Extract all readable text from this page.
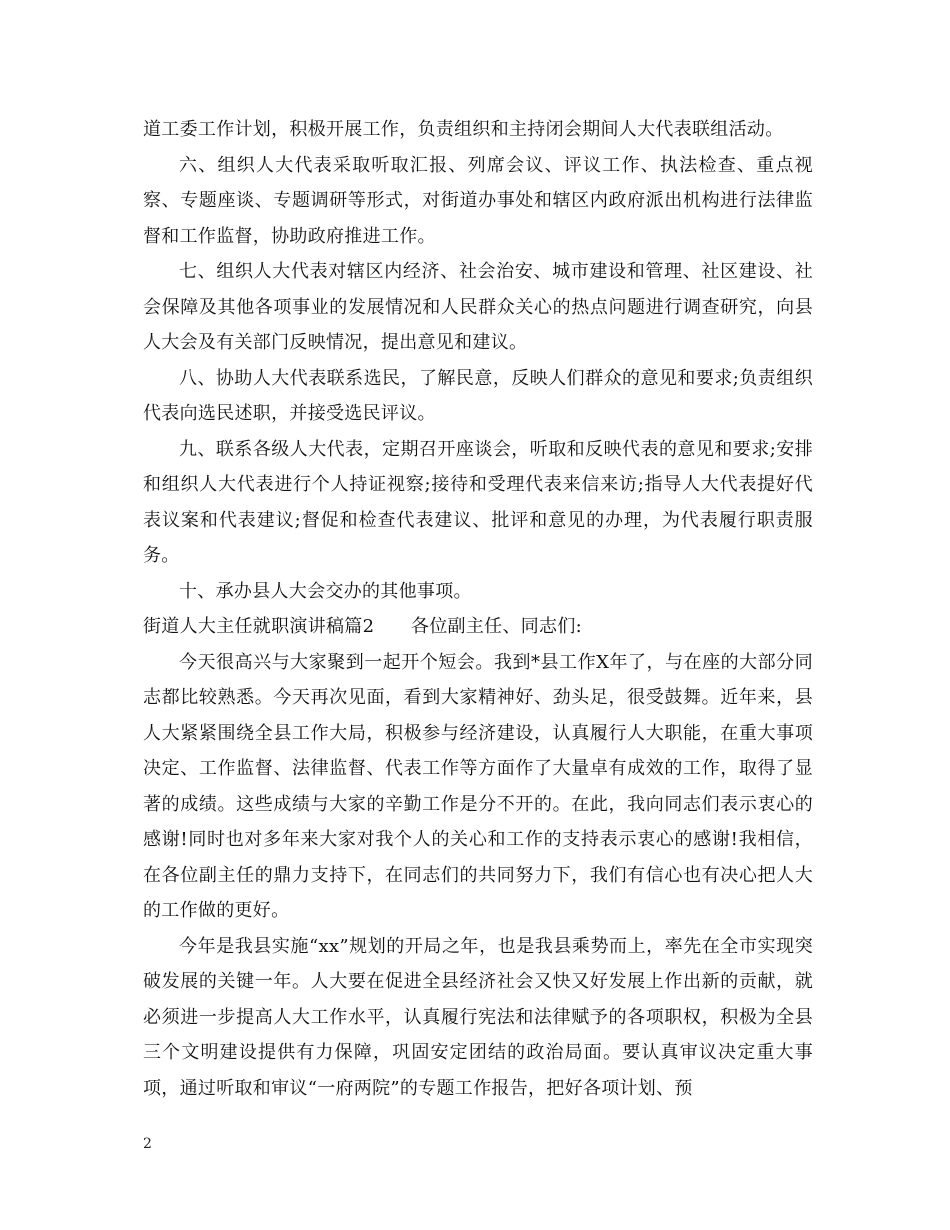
道工委工作计划，积极开展工作，负责组织和主持闭会期间人大代表联组活动。

六、组织人大代表采取听取汇报、列席会议、评议工作、执法检查、重点视察、专题座谈、专题调研等形式，对街道办事处和辖区内政府派出机构进行法律监督和工作监督，协助政府推进工作。

七、组织人大代表对辖区内经济、社会治安、城市建设和管理、社区建设、社会保障及其他各项事业的发展情况和人民群众关心的热点问题进行调查研究，向县人大会及有关部门反映情况，提出意见和建议。

八、协助人大代表联系选民，了解民意，反映人们群众的意见和要求;负责组织代表向选民述职，并接受选民评议。

九、联系各级人大代表，定期召开座谈会，听取和反映代表的意见和要求;安排和组织人大代表进行个人持证视察;接待和受理代表来信来访;指导人大代表提好代表议案和代表建议;督促和检查代表建议、批评和意见的办理，为代表履行职责服务。

十、承办县人大会交办的其他事项。

街道人大主任就职演讲稿篇2　　各位副主任、同志们:

今天很高兴与大家聚到一起开个短会。我到*县工作X年了，与在座的大部分同志都比较熟悉。今天再次见面，看到大家精神好、劲头足，很受鼓舞。近年来，县人大紧紧围绕全县工作大局，积极参与经济建设，认真履行人大职能，在重大事项决定、工作监督、法律监督、代表工作等方面作了大量卓有成效的工作，取得了显著的成绩。这些成绩与大家的辛勤工作是分不开的。在此，我向同志们表示衷心的感谢!同时也对多年来大家对我个人的关心和工作的支持表示衷心的感谢!我相信，在各位副主任的鼎力支持下，在同志们的共同努力下，我们有信心也有决心把人大的工作做的更好。

今年是我县实施“xx”规划的开局之年，也是我县乘势而上，率先在全市实现突破发展的关键一年。人大要在促进全县经济社会又快又好发展上作出新的贡献，就必须进一步提高人大工作水平，认真履行宪法和法律赋予的各项职权，积极为全县三个文明建设提供有力保障，巩固安定团结的政治局面。要认真审议决定重大事项，通过听取和审议“一府两院”的专题工作报告，把好各项计划、预

2
